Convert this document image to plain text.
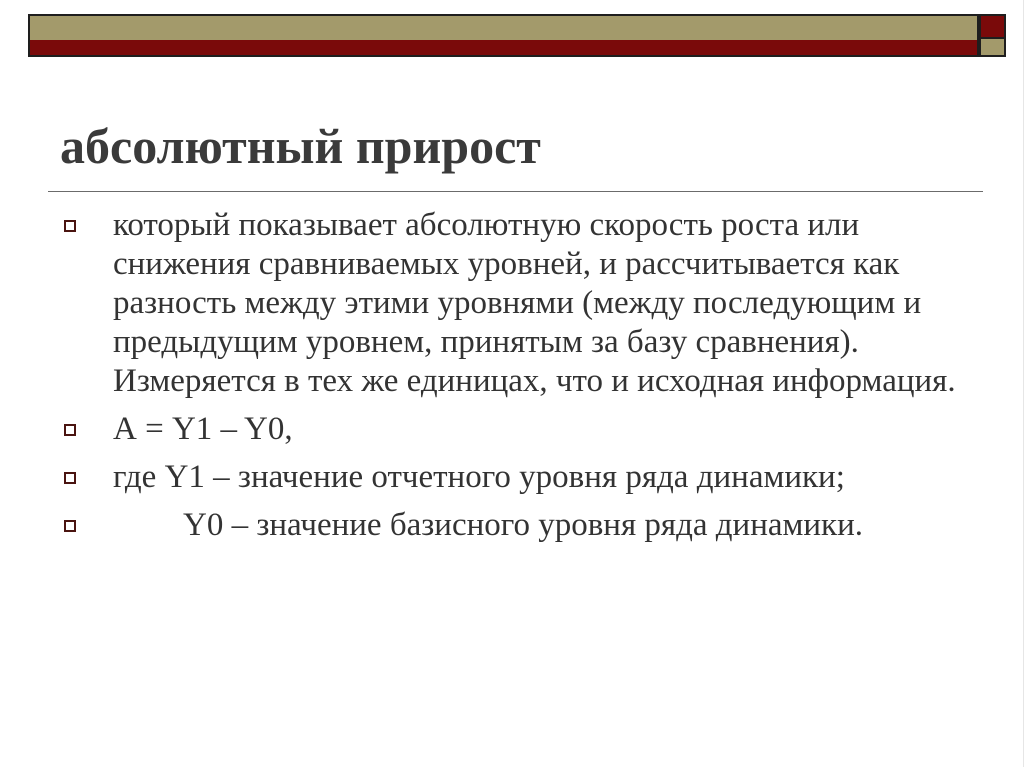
абсолютный прирост
который показывает абсолютную скорость роста или снижения сравниваемых уровней, и рассчитывается как разность между этими уровнями (между последующим и предыдущим уровнем, принятым за базу сравнения). Измеряется в тех же единицах, что и исходная информация.
А = Y1 – Y0,
где Y1 – значение отчетного уровня ряда динамики;
Y0 – значение базисного уровня ряда динамики.
